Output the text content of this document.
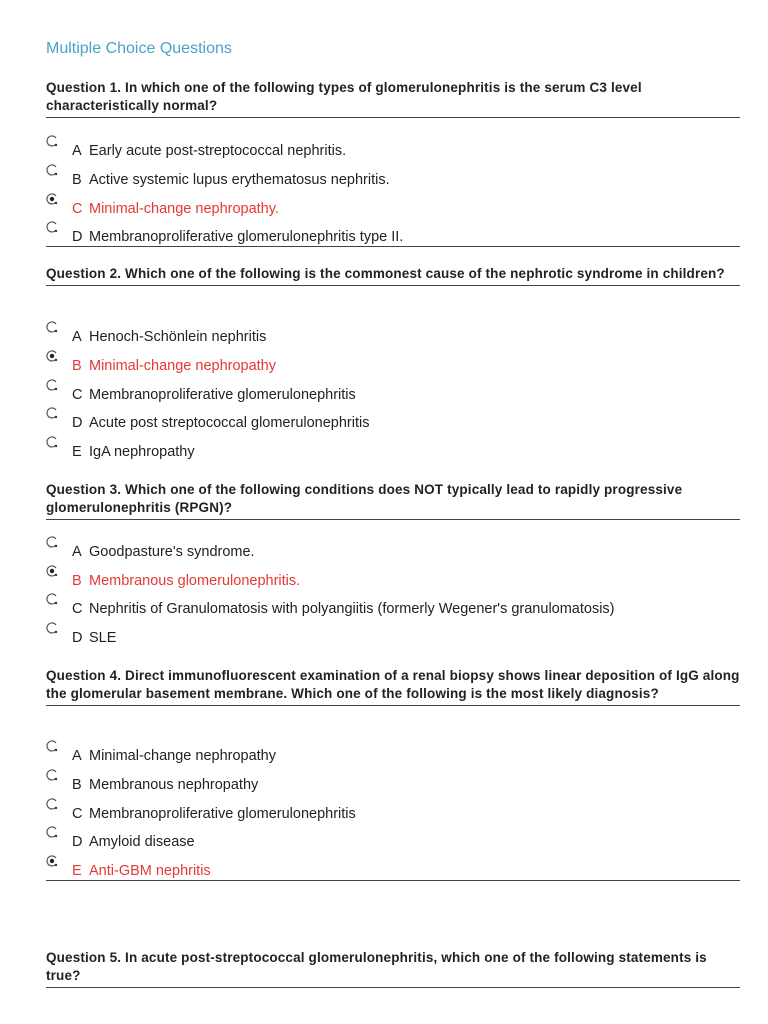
Multiple Choice Questions
Question 1. In which one of the following types of glomerulonephritis is the serum C3 level characteristically normal?
A Early acute post-streptococcal nephritis.
B Active systemic lupus erythematosus nephritis.
C Minimal-change nephropathy.
D Membranoproliferative glomerulonephritis type II.
Question 2. Which one of the following is the commonest cause of the nephrotic syndrome in children?
A Henoch-Schönlein nephritis
B Minimal-change nephropathy
C Membranoproliferative glomerulonephritis
D Acute post streptococcal glomerulonephritis
E IgA nephropathy
Question 3. Which one of the following conditions does NOT typically lead to rapidly progressive glomerulonephritis (RPGN)?
A Goodpasture's syndrome.
B Membranous glomerulonephritis.
C Nephritis of Granulomatosis with polyangiitis (formerly Wegener's granulomatosis)
D SLE
Question 4. Direct immunofluorescent examination of a renal biopsy shows linear deposition of IgG along the glomerular basement membrane. Which one of the following is the most likely diagnosis?
A Minimal-change nephropathy
B Membranous nephropathy
C Membranoproliferative glomerulonephritis
D Amyloid disease
E Anti-GBM nephritis
Question 5. In acute post-streptococcal glomerulonephritis, which one of the following statements is true?
